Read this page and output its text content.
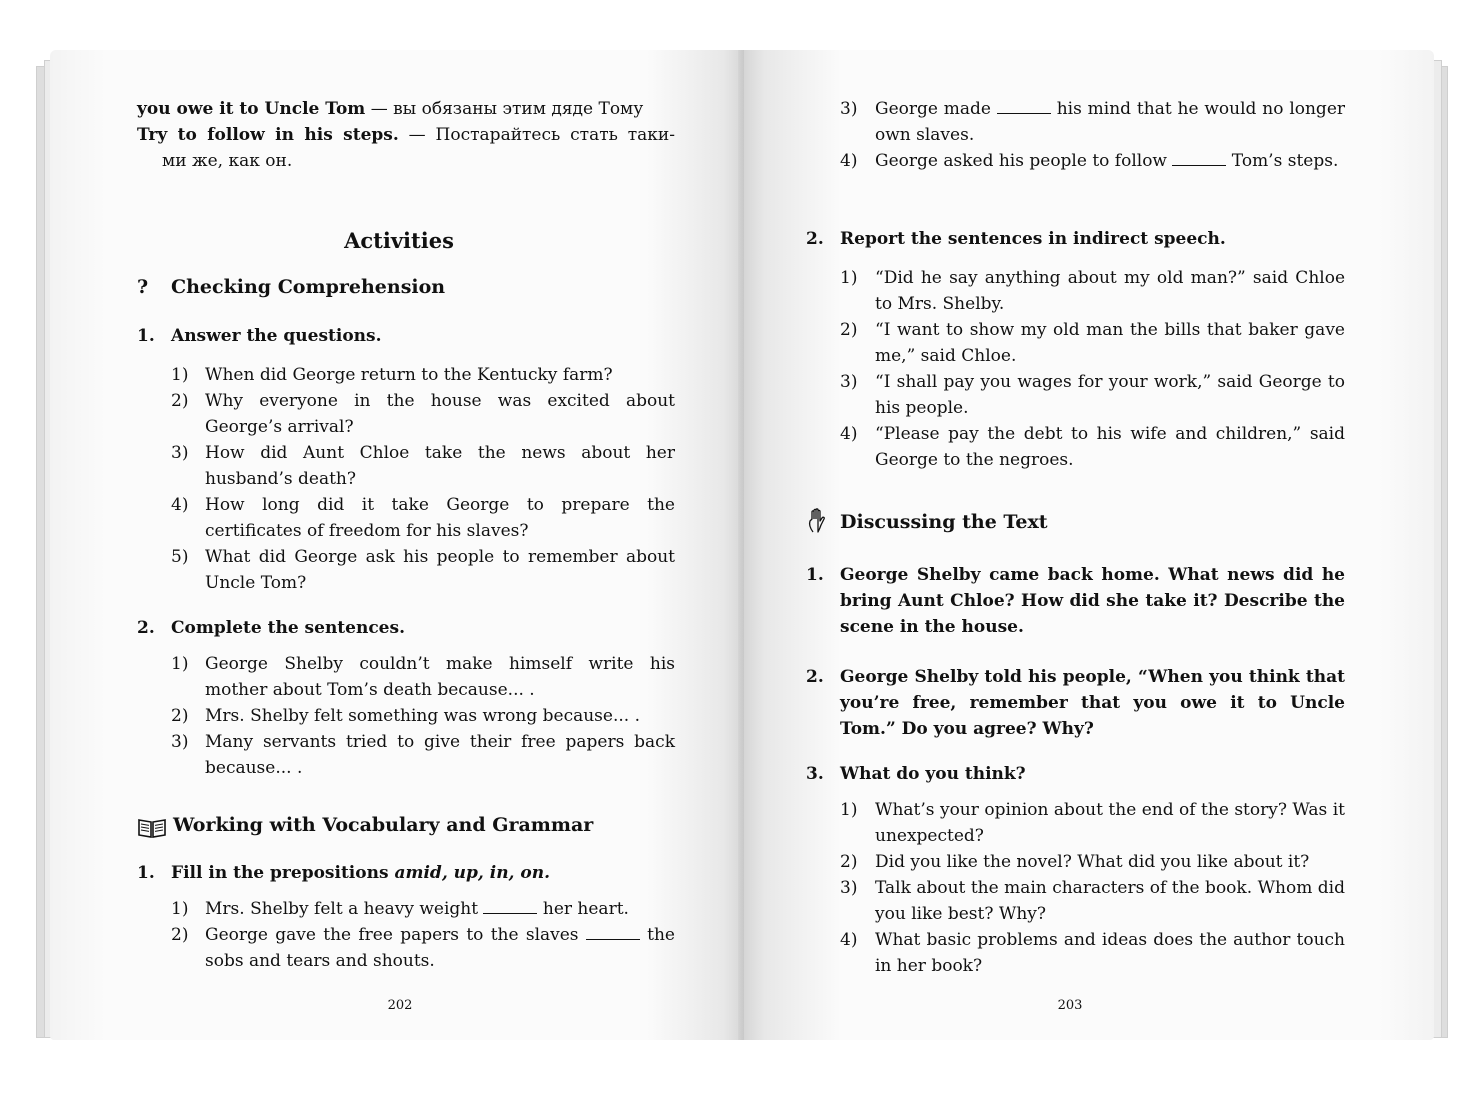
you owe it to Uncle Tom — вы обязаны этим дяде Тому
Try to follow in his steps. — Постарайтесь стать таки-
ми же, как он.
Activities
? Checking Comprehension
1. Answer the questions.
1) When did George return to the Kentucky farm?
2) Why everyone in the house was excited about George’s arrival?
3) How did Aunt Chloe take the news about her husband’s death?
4) How long did it take George to prepare the certificates of freedom for his slaves?
5) What did George ask his people to remember about Uncle Tom?
2. Complete the sentences.
1) George Shelby couldn’t make himself write his mother about Tom’s death because... .
2) Mrs. Shelby felt something was wrong because... .
3) Many servants tried to give their free papers back because... .
Working with Vocabulary and Grammar
1. Fill in the prepositions amid, up, in, on.
1) Mrs. Shelby felt a heavy weight	her heart.
2) George gave the free papers to the slaves	the sobs and tears and shouts.
202
3) George made	his mind that he would no longer own slaves.
4) George asked his people to follow	Tom’s steps.
2. Report the sentences in indirect speech.
1) “Did he say anything about my old man?” said Chloe to Mrs. Shelby.
2) “I want to show my old man the bills that baker gave me,” said Chloe.
3) “I shall pay you wages for your work,” said George to his people.
4) “Please pay the debt to his wife and children,” said George to the negroes.
Discussing the Text
1. George Shelby came back home. What news did he bring Aunt Chloe? How did she take it? Describe the scene in the house.
2. George Shelby told his people, “When you think that you’re free, remember that you owe it to Uncle Tom.” Do you agree? Why?
3. What do you think?
1) What’s your opinion about the end of the story? Was it unexpected?
2) Did you like the novel? What did you like about it?
3) Talk about the main characters of the book. Whom did you like best? Why?
4) What basic problems and ideas does the author touch in her book?
203
